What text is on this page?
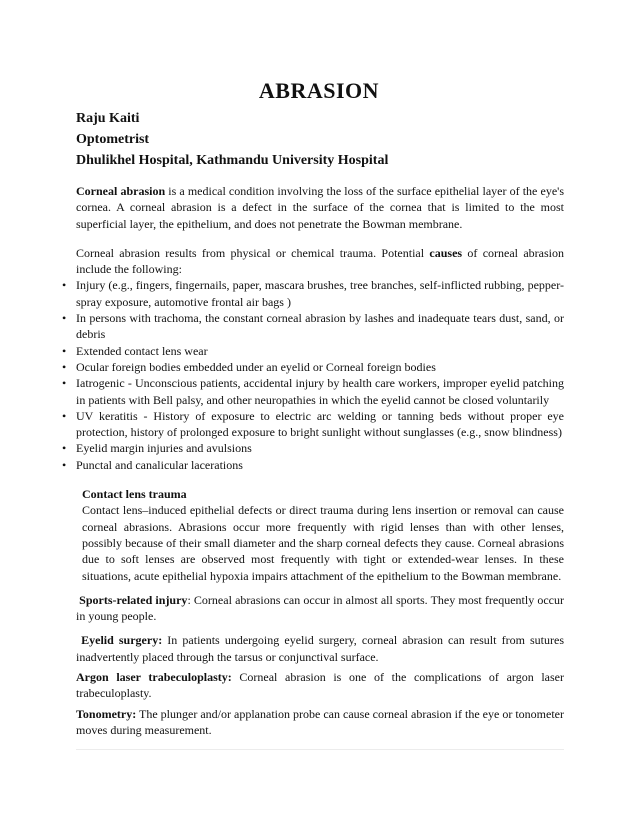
ABRASION
Raju Kaiti
Optometrist
Dhulikhel Hospital, Kathmandu University Hospital

Corneal abrasion is a medical condition involving the loss of the surface epithelial layer of the eye's cornea. A corneal abrasion is a defect in the surface of the cornea that is limited to the most superficial layer, the epithelium, and does not penetrate the Bowman membrane.

Corneal abrasion results from physical or chemical trauma. Potential causes of corneal abrasion include the following:

• Injury (e.g., fingers, fingernails, paper, mascara brushes, tree branches, self-inflicted rubbing, pepper-spray exposure, automotive frontal air bags )
• In persons with trachoma, the constant corneal abrasion by lashes and inadequate tears dust, sand, or debris
• Extended contact lens wear
• Ocular foreign bodies embedded under an eyelid or Corneal foreign bodies
• Iatrogenic - Unconscious patients, accidental injury by health care workers, improper eyelid patching in patients with Bell palsy, and other neuropathies in which the eyelid cannot be closed voluntarily
• UV keratitis - History of exposure to electric arc welding or tanning beds without proper eye protection, history of prolonged exposure to bright sunlight without sunglasses (e.g., snow blindness)
• Eyelid margin injuries and avulsions
• Punctal and canalicular lacerations
Contact lens trauma

Contact lens–induced epithelial defects or direct trauma during lens insertion or removal can cause corneal abrasions. Abrasions occur more frequently with rigid lenses than with other lenses, possibly because of their small diameter and the sharp corneal defects they cause. Corneal abrasions due to soft lenses are observed most frequently with tight or extended-wear lenses. In these situations, acute epithelial hypoxia impairs attachment of the epithelium to the Bowman membrane.

Sports-related injury: Corneal abrasions can occur in almost all sports. They most frequently occur in young people.

Eyelid surgery: In patients undergoing eyelid surgery, corneal abrasion can result from sutures inadvertently placed through the tarsus or conjunctival surface.

Argon laser trabeculoplasty: Corneal abrasion is one of the complications of argon laser trabeculoplasty.

Tonometry: The plunger and/or applanation probe can cause corneal abrasion if the eye or tonometer moves during measurement.
